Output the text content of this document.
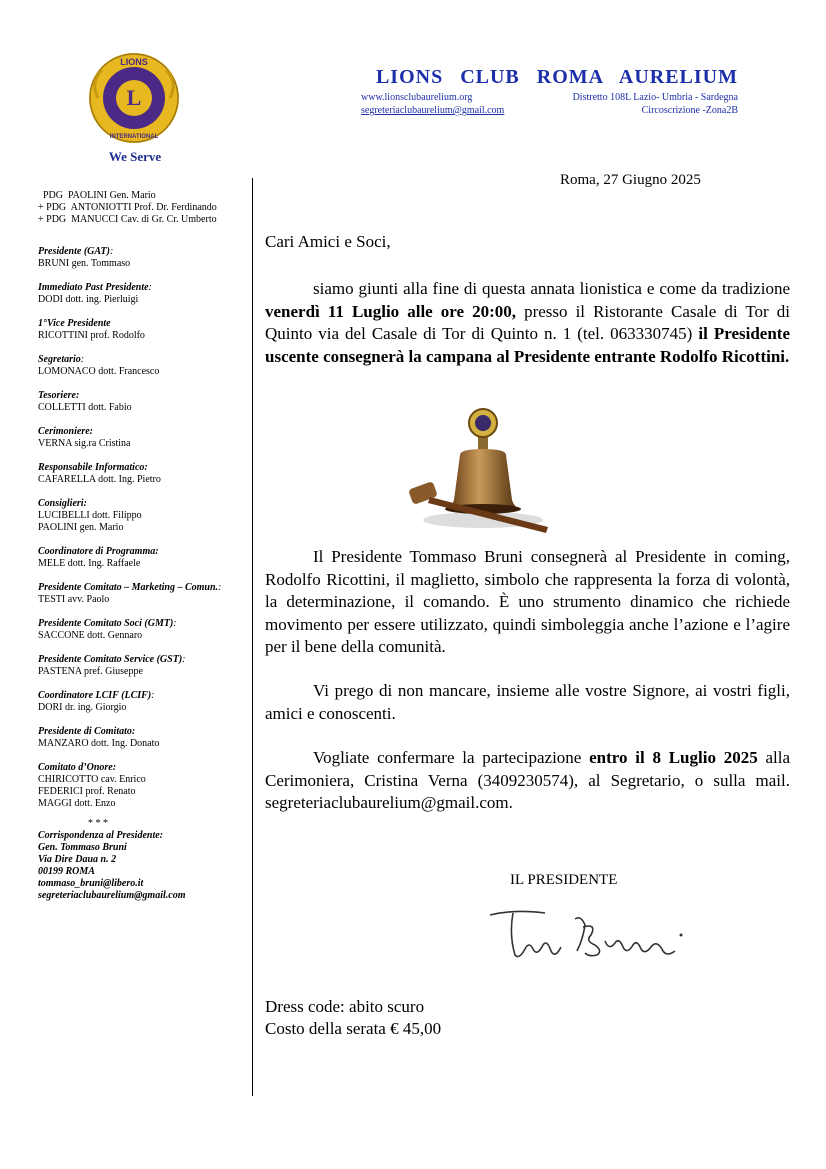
L
LIONS
INTERNATIONAL
We Serve
LIONS CLUB ROMA AURELIUM
www.lionsclubaurelium.org
segreteriaclubaurelium@gmail.com
Distretto 108L Lazio- Umbria - Sardegna
Circoscrizione -Zona2B
PDG  PAOLINI Gen. Mario
+ PDG  ANTONIOTTI Prof. Dr. Ferdinando
+ PDG  MANUCCI Cav. di Gr. Cr. Umberto
Presidente (GAT):

BRUNI gen. Tommaso
Immediato Past Presidente:

DODI dott. ing. Pierluigi
1°Vice Presidente
RICOTTINI prof. Rodolfo
Segretario:

LOMONACO dott. Francesco
Tesoriere:
COLLETTI dott. Fabio
Cerimoniere:
VERNA sig.ra Cristina
Responsabile Informatico:
CAFARELLA dott. Ing. Pietro
Consiglieri:
LUCIBELLI dott. Filippo
PAOLINI gen. Mario
Coordinatore di Programma:
MELE dott. Ing. Raffaele
Presidente Comitato – Marketing – Comun.:

TESTI avv. Paolo
Presidente Comitato Soci (GMT):

SACCONE dott. Gennaro
Presidente Comitato Service (GST):

PASTENA pref. Giuseppe
Coordinatore LCIF (LCIF):

DORI dr. ing. Giorgio
Presidente di Comitato:
MANZARO dott. Ing. Donato
Comitato d’Onore:
CHIRICOTTO cav. Enrico
FEDERICI prof. Renato
MAGGI dott. Enzo
* * *
Corrispondenza al Presidente:
Gen. Tommaso Bruni
Via Dire Daua n. 2
00199 ROMA
tommaso_bruni@libero.it
segreteriaclubaurelium@gmail.com
Roma, 27 Giugno 2025
Cari Amici e Soci,
siamo giunti alla fine di questa annata lionistica e come da tradizione venerdì 11 Luglio alle ore 20:00, presso il Ristorante Casale di Tor di Quinto via del Casale di Tor di Quinto n. 1 (tel. 063330745) il Presidente uscente consegnerà la campana al Presidente entrante Rodolfo Ricottini.
Il Presidente Tommaso Bruni consegnerà al Presidente in coming, Rodolfo Ricottini, il maglietto, simbolo che rappresenta la forza di volontà, la determinazione, il comando. È uno strumento dinamico che richiede movimento per essere utilizzato, quindi simboleggia anche l’azione e l’agire per il bene della comunità.
Vi prego di non mancare, insieme alle vostre Signore, ai vostri figli, amici e conoscenti.
Vogliate confermare la partecipazione entro il 8 Luglio 2025 alla Cerimoniera, Cristina Verna (3409230574), al Segretario, o sulla mail. segreteriaclubaurelium@gmail.com.
IL PRESIDENTE
Dress code: abito scuro
Costo della serata € 45,00
